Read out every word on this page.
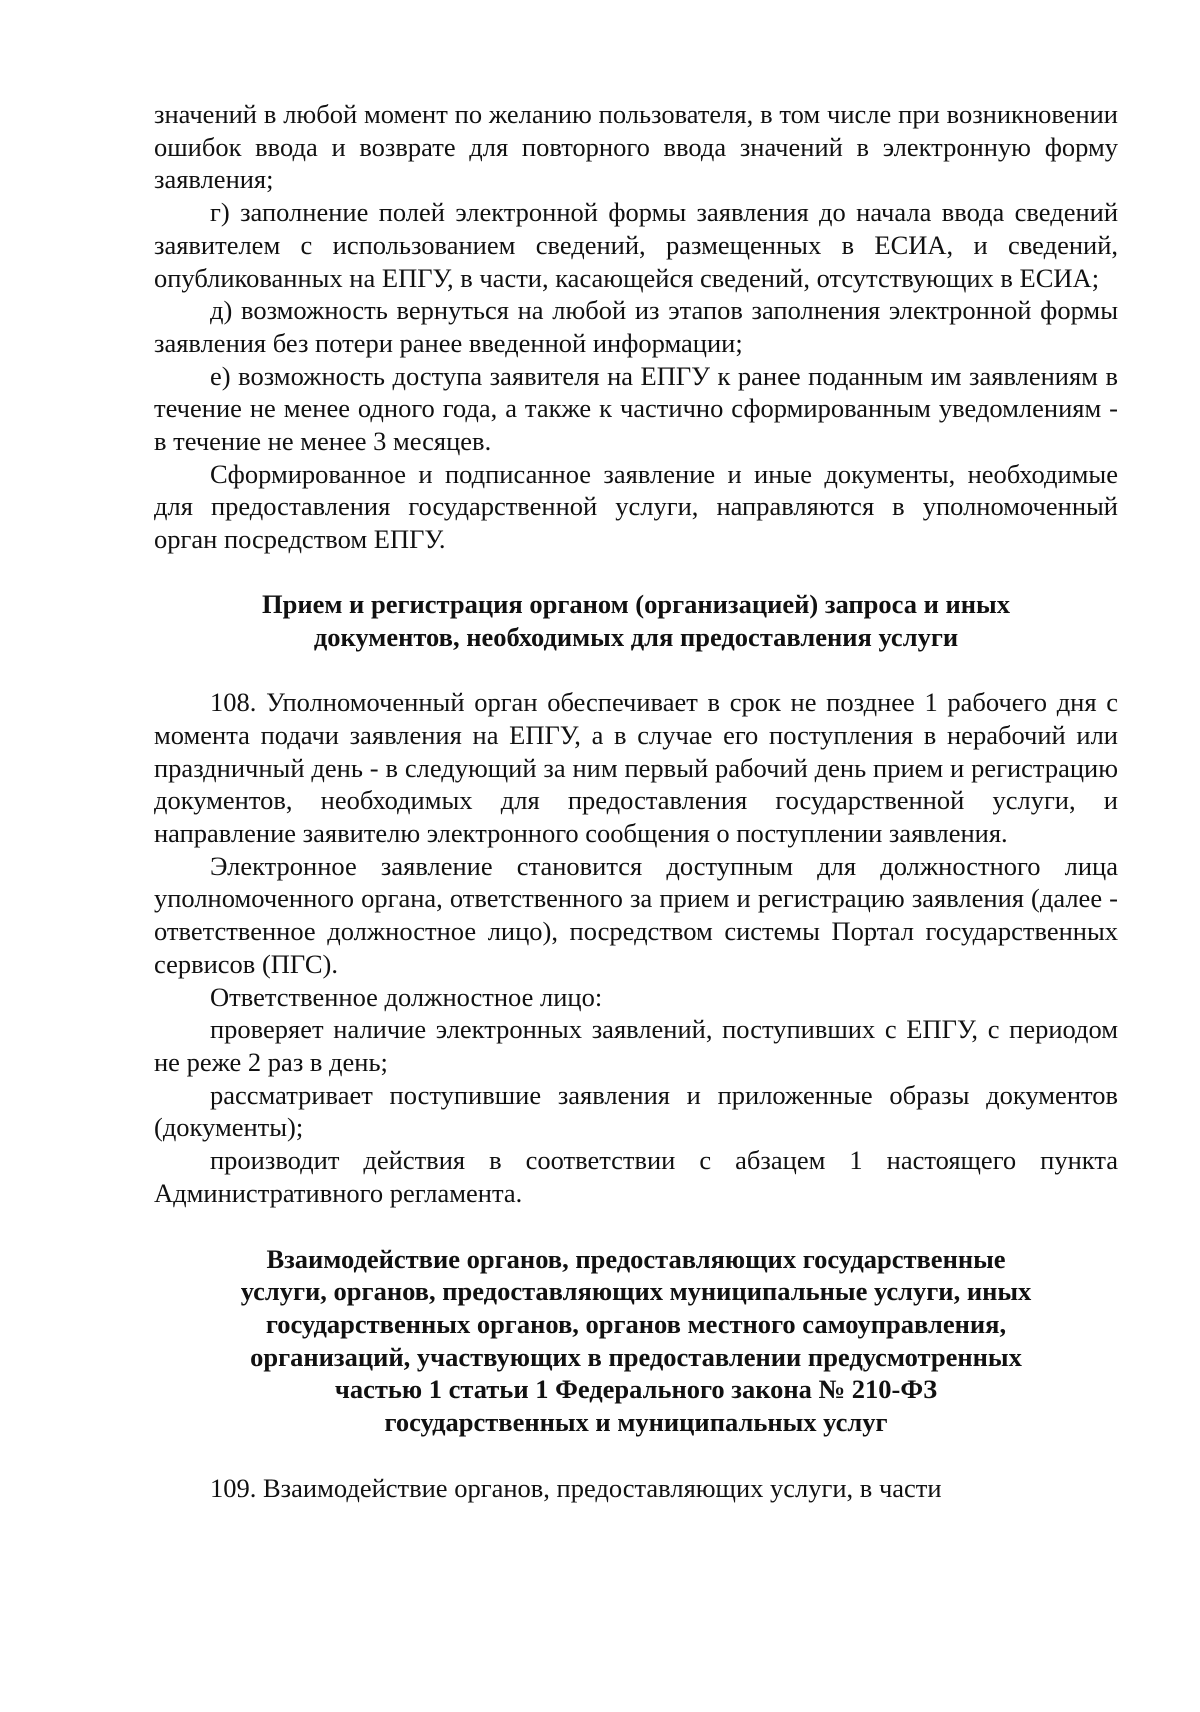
значений в любой момент по желанию пользователя, в том числе при возникновении ошибок ввода и возврате для повторного ввода значений в электронную форму заявления;

г) заполнение полей электронной формы заявления до начала ввода сведений заявителем с использованием сведений, размещенных в ЕСИА, и сведений, опубликованных на ЕПГУ, в части, касающейся сведений, отсутствующих в ЕСИА;

д) возможность вернуться на любой из этапов заполнения электронной формы заявления без потери ранее введенной информации;

е) возможность доступа заявителя на ЕПГУ к ранее поданным им заявлениям в течение не менее одного года, а также к частично сформированным уведомлениям - в течение не менее 3 месяцев.

Сформированное и подписанное заявление и иные документы, необходимые для предоставления государственной услуги, направляются в уполномоченный орган посредством ЕПГУ.

Прием и регистрация органом (организацией) запроса и иных
документов, необходимых для предоставления услуги

108. Уполномоченный орган обеспечивает в срок не позднее 1 рабочего дня с момента подачи заявления на ЕПГУ, а в случае его поступления в нерабочий или праздничный день - в следующий за ним первый рабочий день прием и регистрацию документов, необходимых для предоставления государственной услуги, и направление заявителю электронного сообщения о поступлении заявления.

Электронное заявление становится доступным для должностного лица уполномоченного органа, ответственного за прием и регистрацию заявления (далее - ответственное должностное лицо), посредством системы Портал государственных сервисов (ПГС).

Ответственное должностное лицо:

проверяет наличие электронных заявлений, поступивших с ЕПГУ, с периодом не реже 2 раз в день;

рассматривает поступившие заявления и приложенные образы документов (документы);

производит действия в соответствии с абзацем 1 настоящего пункта Административного регламента.

Взаимодействие органов, предоставляющих государственные
услуги, органов, предоставляющих муниципальные услуги, иных
государственных органов, органов местного самоуправления,
организаций, участвующих в предоставлении предусмотренных
частью 1 статьи 1 Федерального закона № 210-ФЗ
государственных и муниципальных услуг

109. Взаимодействие органов, предоставляющих услуги, в части
